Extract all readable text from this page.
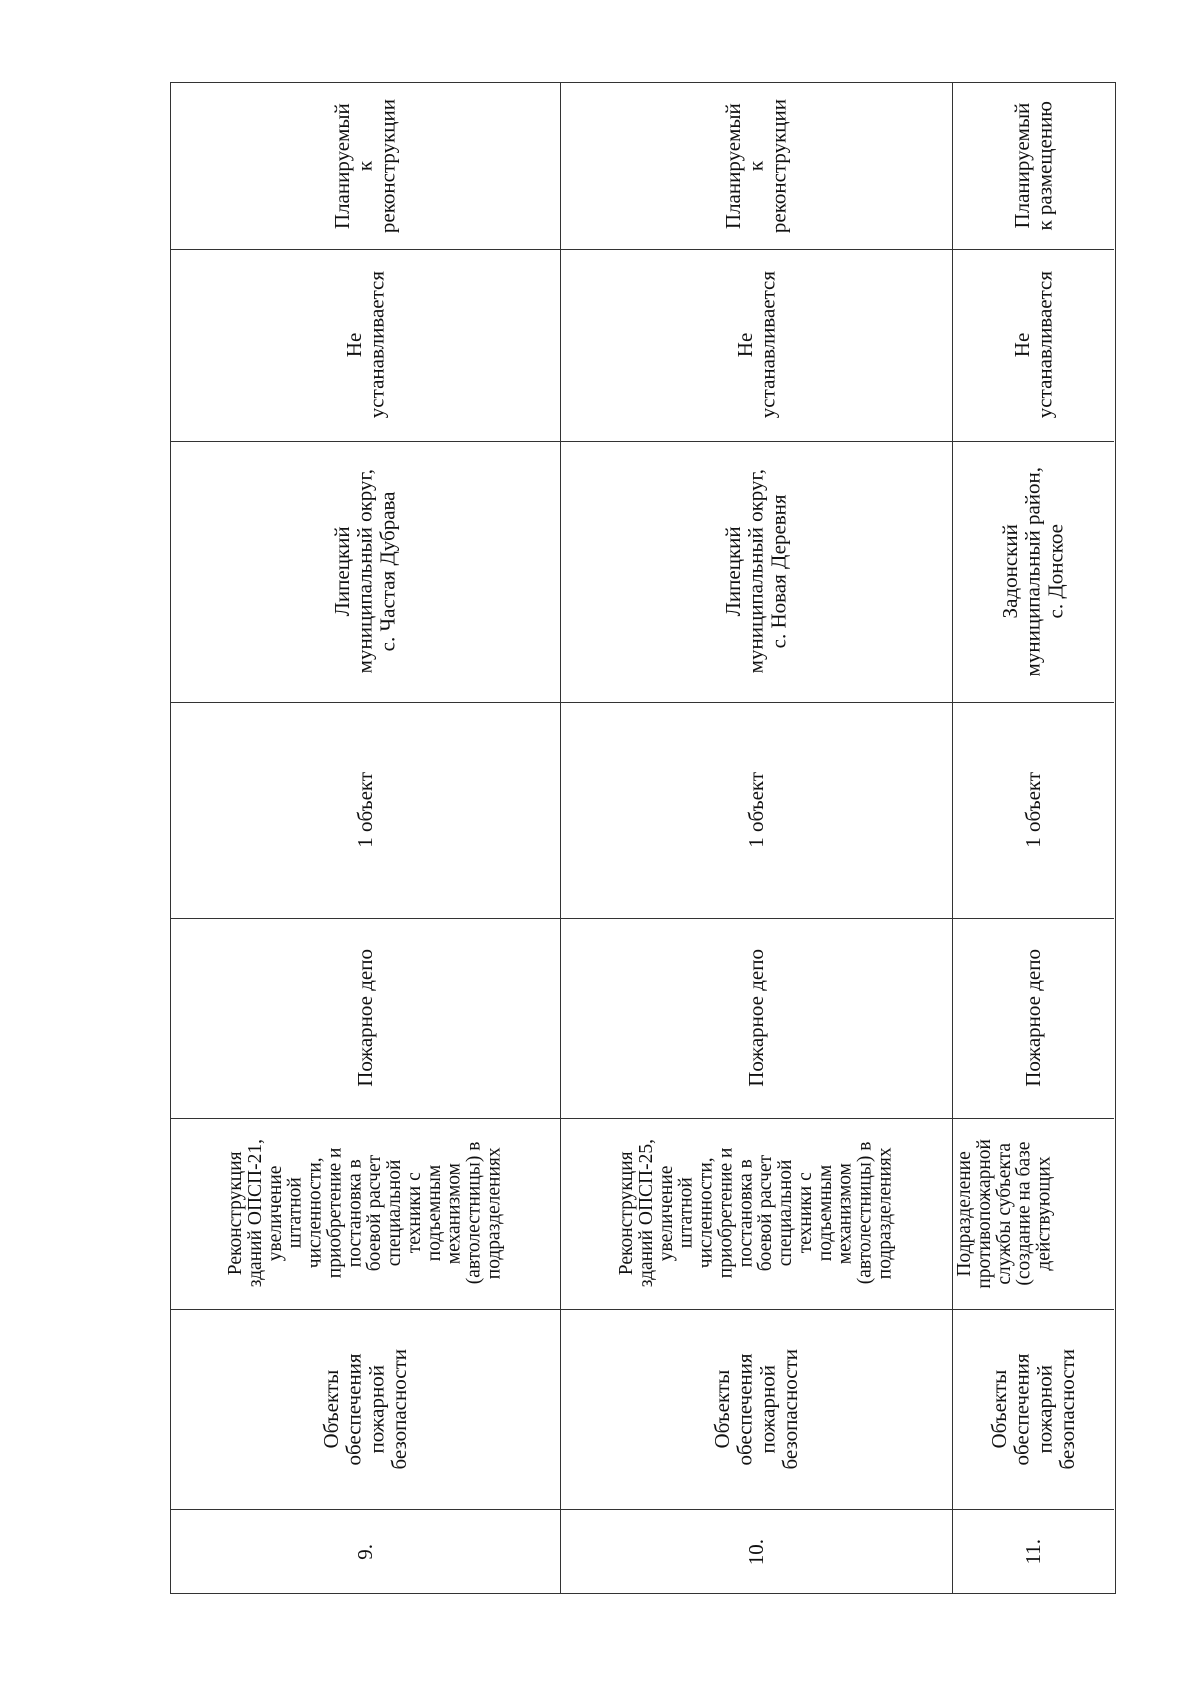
Планируемый
к
реконструкции
Не
устанавливается
Липецкий
муниципальный округ,
с. Частая Дубрава
1 объект
Пожарное депо
Реконструкция
зданий ОПСП-21,
увеличение
штатной
численности,
приобретение и
постановка в
боевой расчет
специальной
техники с
подъемным
механизмом
(автолестницы) в
подразделениях
Объекты
обеспечения
пожарной
безопасности
9.
Планируемый
к
реконструкции
Не
устанавливается
Липецкий
муниципальный округ,
с. Новая Деревня
1 объект
Пожарное депо
Реконструкция
зданий ОПСП-25,
увеличение
штатной
численности,
приобретение и
постановка в
боевой расчет
специальной
техники с
подъемным
механизмом
(автолестницы) в
подразделениях
Объекты
обеспечения
пожарной
безопасности
10.
Планируемый
к размещению
Не
устанавливается
Задонский
муниципальный район,
с. Донское
1 объект
Пожарное депо
Подразделение
противопожарной
службы субъекта
(создание на базе
действующих
Объекты
обеспечения
пожарной
безопасности
11.
